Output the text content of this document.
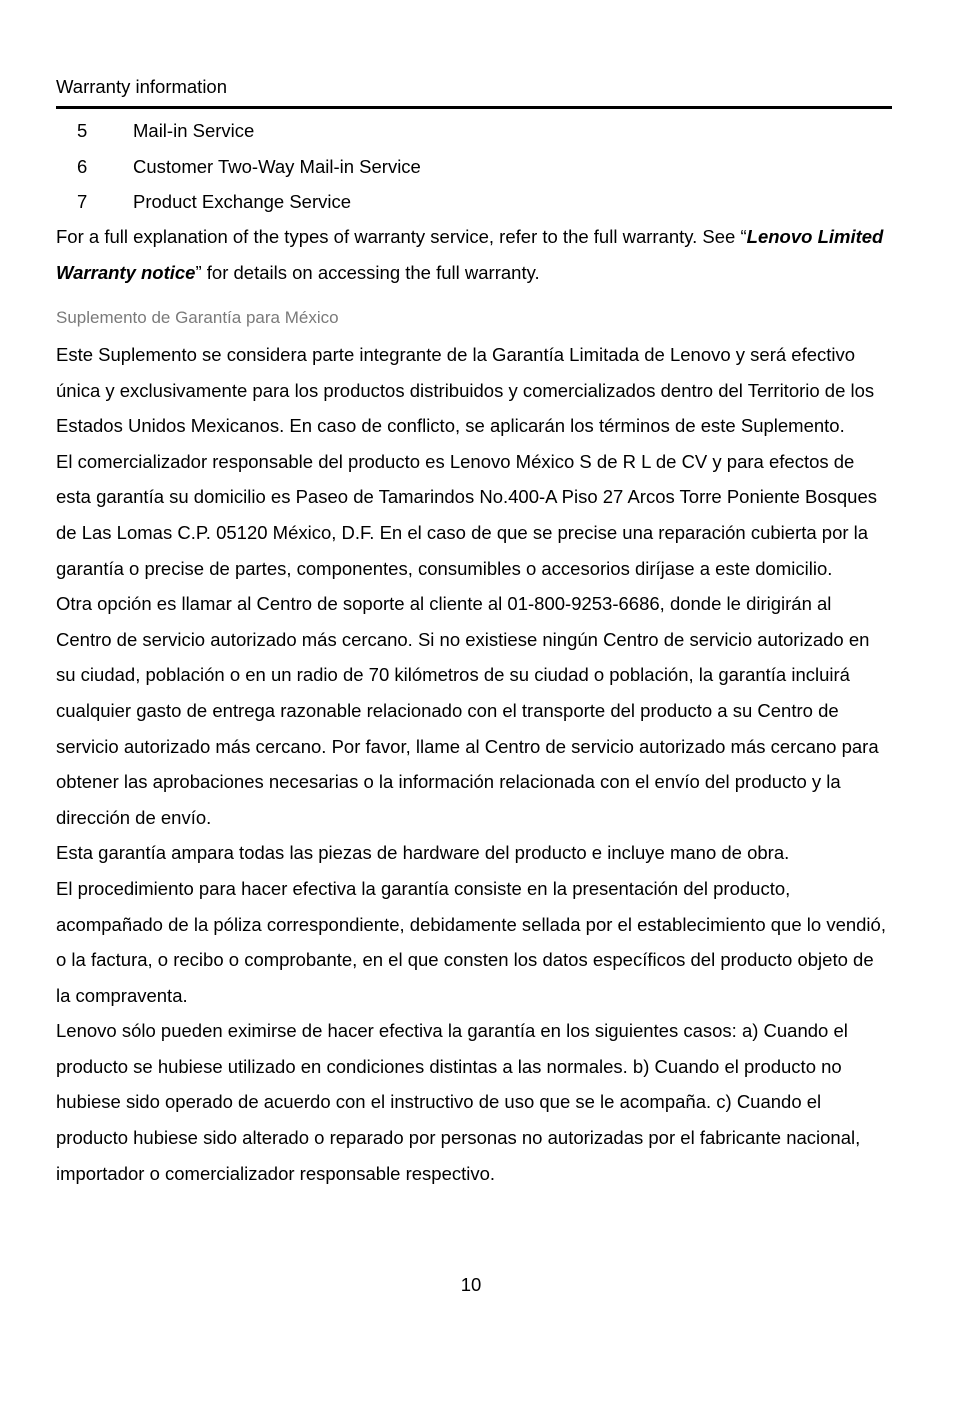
Warranty information
5	Mail-in Service
6	Customer Two-Way Mail-in Service
7	Product Exchange Service

For a full explanation of the types of warranty service, refer to the full warranty. See “Lenovo Limited Warranty notice” for details on accessing the full warranty.

Suplemento de Garantía para México

Este Suplemento se considera parte integrante de la Garantía Limitada de Lenovo y será efectivo única y exclusivamente para los productos distribuidos y comercializados dentro del Territorio de los Estados Unidos Mexicanos. En caso de conflicto, se aplicarán los términos de este Suplemento.

El comercializador responsable del producto es Lenovo México S de R L de CV y para efectos de esta garantía su domicilio es Paseo de Tamarindos No.400-A Piso 27 Arcos Torre Poniente Bosques de Las Lomas C.P. 05120 México, D.F. En el caso de que se precise una reparación cubierta por la garantía o precise de partes, componentes, consumibles o accesorios diríjase a este domicilio.

Otra opción es llamar al Centro de soporte al cliente al 01-800-9253-6686, donde le dirigirán al Centro de servicio autorizado más cercano. Si no existiese ningún Centro de servicio autorizado en su ciudad, población o en un radio de 70 kilómetros de su ciudad o población, la garantía incluirá cualquier gasto de entrega razonable relacionado con el transporte del producto a su Centro de servicio autorizado más cercano. Por favor, llame al Centro de servicio autorizado más cercano para obtener las aprobaciones necesarias o la información relacionada con el envío del producto y la dirección de envío.

Esta garantía ampara todas las piezas de hardware del producto e incluye mano de obra.

El procedimiento para hacer efectiva la garantía consiste en la presentación del producto, acompañado de la póliza correspondiente, debidamente sellada por el establecimiento que lo vendió, o la factura, o recibo o comprobante, en el que consten los datos específicos del producto objeto de la compraventa.

Lenovo sólo pueden eximirse de hacer efectiva la garantía en los siguientes casos: a) Cuando el producto se hubiese utilizado en condiciones distintas a las normales. b) Cuando el producto no hubiese sido operado de acuerdo con el instructivo de uso que se le acompaña. c) Cuando el producto hubiese sido alterado o reparado por personas no autorizadas por el fabricante nacional, importador o comercializador responsable respectivo.

10
